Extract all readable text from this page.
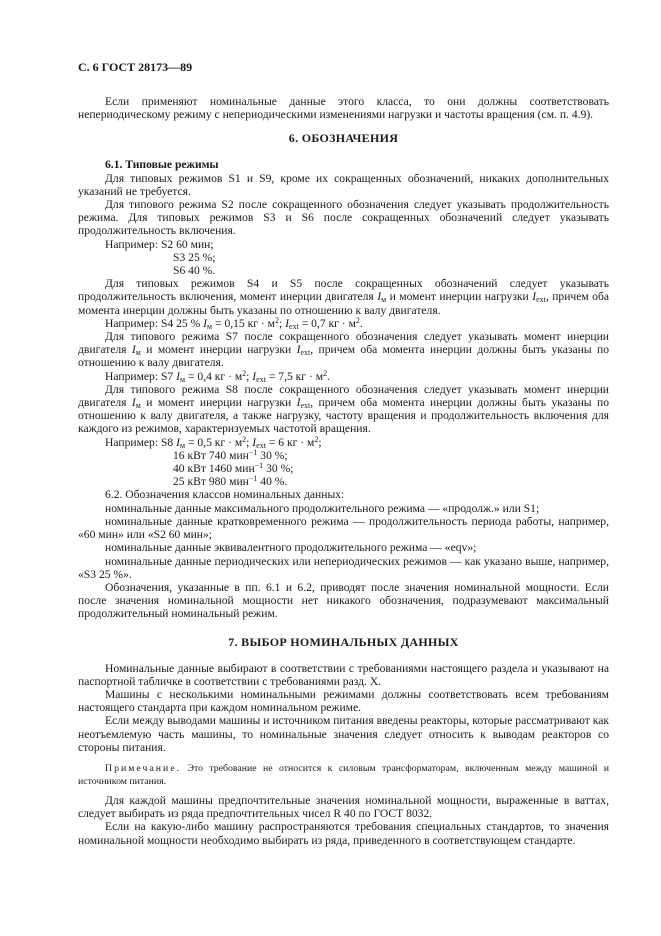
С. 6 ГОСТ 28173—89

Если применяют номинальные данные этого класса, то они должны соответствовать непериодическому режиму с непериодическими изменениями нагрузки и частоты вращения (см. п. 4.9).

6. ОБОЗНАЧЕНИЯ

6.1. Типовые режимы

Для типовых режимов S1 и S9, кроме их сокращенных обозначений, никаких дополнительных указаний не требуется.

Для типового режима S2 после сокращенного обозначения следует указывать продолжительность режима. Для типовых режимов S3 и S6 после сокращенных обозначений следует указывать продолжительность включения.

Например: S2 60 мин;

S3 25 %;

S6 40 %.

Для типовых режимов S4 и S5 после сокращенных обозначений следует указывать продолжительность включения, момент инерции двигателя $I_м$ и момент инерции нагрузки $I_{ext}$, причем оба момента инерции должны быть указаны по отношению к валу двигателя.

Например: S4 25 % $I_м = 0,15$ кг · $м^2$; $I_{ext} = 0,7$ кг · $м^2$.

Для типового режима S7 после сокращенного обозначения следует указывать момент инерции двигателя $I_м$ и момент инерции нагрузки $I_{ext}$, причем оба момента инерции должны быть указаны по отношению к валу двигателя.

Например: S7 $I_м = 0,4$ кг · $м^2$; $I_{ext} = 7,5$ кг · $м^2$.

Для типового режима S8 после сокращенного обозначения следует указывать момент инерции двигателя $I_м$ и момент инерции нагрузки $I_{ext}$, причем оба момента инерции должны быть указаны по отношению к валу двигателя, а также нагрузку, частоту вращения и продолжительность включения для каждого из режимов, характеризуемых частотой вращения.

Например: S8 $I_м = 0,5$ кг · $м^2$; $I_{ext} = 6$ кг · $м^2$;

16 кВт 740 мин$^{-1}$ 30 %;

40 кВт 1460 мин$^{-1}$ 30 %;

25 кВт 980 мин$^{-1}$ 40 %.

6.2. Обозначения классов номинальных данных:

номинальные данные максимального продолжительного режима — «продолж.» или S1;

номинальные данные кратковременного режима — продолжительность периода работы, например, «60 мин» или «S2 60 мин»;

номинальные данные эквивалентного продолжительного режима — «eqv»;

номинальные данные периодических или непериодических режимов — как указано выше, например, «S3 25 %».

Обозначения, указанные в пп. 6.1 и 6.2, приводят после значения номинальной мощности. Если после значения номинальной мощности нет никакого обозначения, подразумевают максимальный продолжительный номинальный режим.

7. ВЫБОР НОМИНАЛЬНЫХ ДАННЫХ

Номинальные данные выбирают в соответствии с требованиями настоящего раздела и указывают на паспортной табличке в соответствии с требованиями разд. X.

Машины с несколькими номинальными режимами должны соответствовать всем требованиям настоящего стандарта при каждом номинальном режиме.

Если между выводами машины и источником питания введены реакторы, которые рассматривают как неотъемлемую часть машины, то номинальные значения следует относить к выводам реакторов со стороны питания.

Примечание. Это требование не относится к силовым трансформаторам, включенным между машиной и источником питания.

Для каждой машины предпочтительные значения номинальной мощности, выраженные в ваттах, следует выбирать из ряда предпочтительных чисел R 40 по ГОСТ 8032.

Если на какую-либо машину распространяются требования специальных стандартов, то значения номинальной мощности необходимо выбирать из ряда, приведенного в соответствующем стандарте.
